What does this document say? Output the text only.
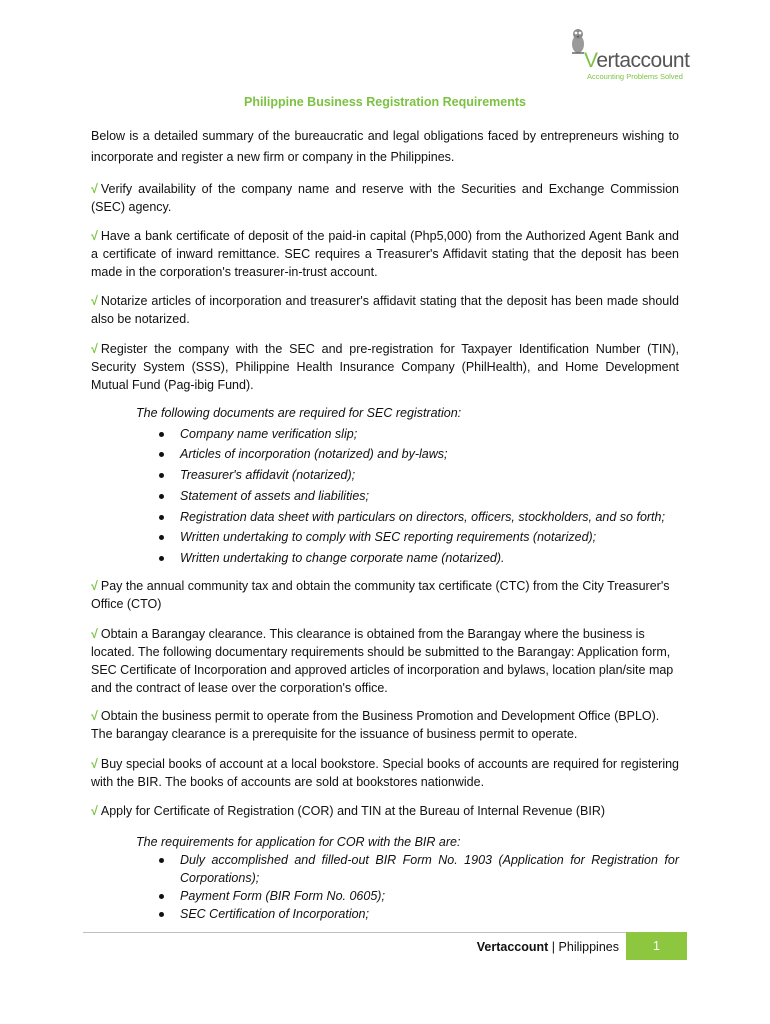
Vertaccount
Accounting Problems Solved
Philippine Business Registration Requirements

Below is a detailed summary of the bureaucratic and legal obligations faced by entrepreneurs wishing to incorporate and register a new firm or company in the Philippines.

√ Verify availability of the company name and reserve with the Securities and Exchange Commission (SEC) agency.

√ Have a bank certificate of deposit of the paid-in capital (Php5,000) from the Authorized Agent Bank and a certificate of inward remittance. SEC requires a Treasurer's Affidavit stating that the deposit has been made in the corporation's treasurer-in-trust account.

√ Notarize articles of incorporation and treasurer's affidavit stating that the deposit has been made should also be notarized.

√ Register the company with the SEC and pre-registration for Taxpayer Identification Number (TIN), Security System (SSS), Philippine Health Insurance Company (PhilHealth), and Home Development Mutual Fund (Pag-ibig Fund).

The following documents are required for SEC registration:

Company name verification slip;
Articles of incorporation (notarized) and by-laws;
Treasurer's affidavit (notarized);
Statement of assets and liabilities;
Registration data sheet with particulars on directors, officers, stockholders, and so forth;
Written undertaking to comply with SEC reporting requirements (notarized);
Written undertaking to change corporate name (notarized).

√ Pay the annual community tax and obtain the community tax certificate (CTC) from the City Treasurer's Office (CTO)

√ Obtain a Barangay clearance. This clearance is obtained from the Barangay where the business is located. The following documentary requirements should be submitted to the Barangay: Application form, SEC Certificate of Incorporation and approved articles of incorporation and bylaws, location plan/site map and the contract of lease over the corporation's office.

√ Obtain the business permit to operate from the Business Promotion and Development Office (BPLO). The barangay clearance is a prerequisite for the issuance of business permit to operate.

√ Buy special books of account at a local bookstore. Special books of accounts are required for registering with the BIR. The books of accounts are sold at bookstores nationwide.

√ Apply for Certificate of Registration (COR) and TIN at the Bureau of Internal Revenue (BIR)

The requirements for application for COR with the BIR are:

Duly accomplished and filled-out BIR Form No. 1903 (Application for Registration for Corporations);
Payment Form (BIR Form No. 0605);
SEC Certification of Incorporation;
Vertaccount | Philippines	1
